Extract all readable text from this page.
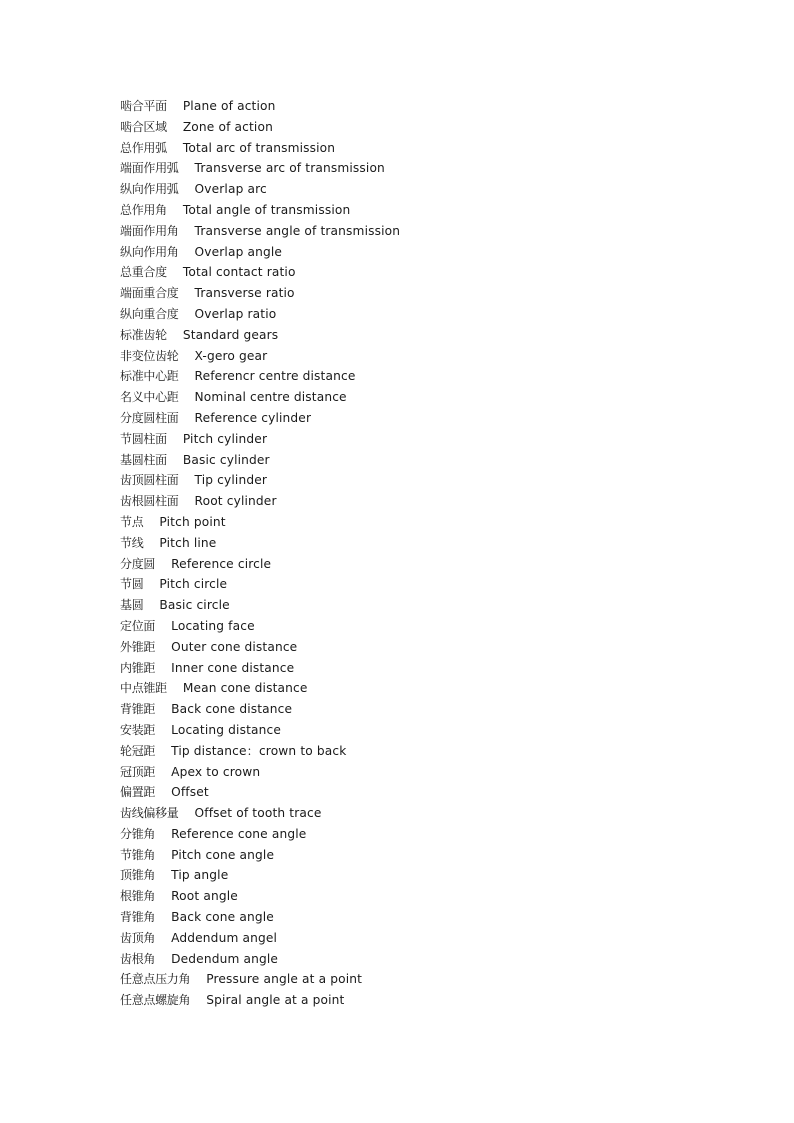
啮合平面 Plane of action
啮合区域 Zone of action
总作用弧 Total arc of transmission
端面作用弧 Transverse arc of transmission
纵向作用弧 Overlap arc
总作用角 Total angle of transmission
端面作用角 Transverse angle of transmission
纵向作用角 Overlap angle
总重合度 Total contact ratio
端面重合度 Transverse ratio
纵向重合度 Overlap ratio
标准齿轮 Standard gears
非变位齿轮 X-gero gear
标准中心距 Referencr centre distance
名义中心距 Nominal centre distance
分度圆柱面 Reference cylinder
节圆柱面 Pitch cylinder
基圆柱面 Basic cylinder
齿顶圆柱面 Tip cylinder
齿根圆柱面 Root cylinder
节点 Pitch point
节线 Pitch line
分度圆 Reference circle
节圆 Pitch circle
基圆 Basic circle
定位面 Locating face
外锥距 Outer cone distance
内锥距 Inner cone distance
中点锥距 Mean cone distance
背锥距 Back cone distance
安装距 Locating distance
轮冠距 Tip distance：crown to back
冠顶距 Apex to crown
偏置距 Offset
齿线偏移量 Offset of tooth trace
分锥角 Reference cone angle
节锥角 Pitch cone angle
顶锥角 Tip angle
根锥角 Root angle
背锥角 Back cone angle
齿顶角 Addendum angel
齿根角 Dedendum angle
任意点压力角 Pressure angle at a point
任意点螺旋角 Spiral angle at a point
